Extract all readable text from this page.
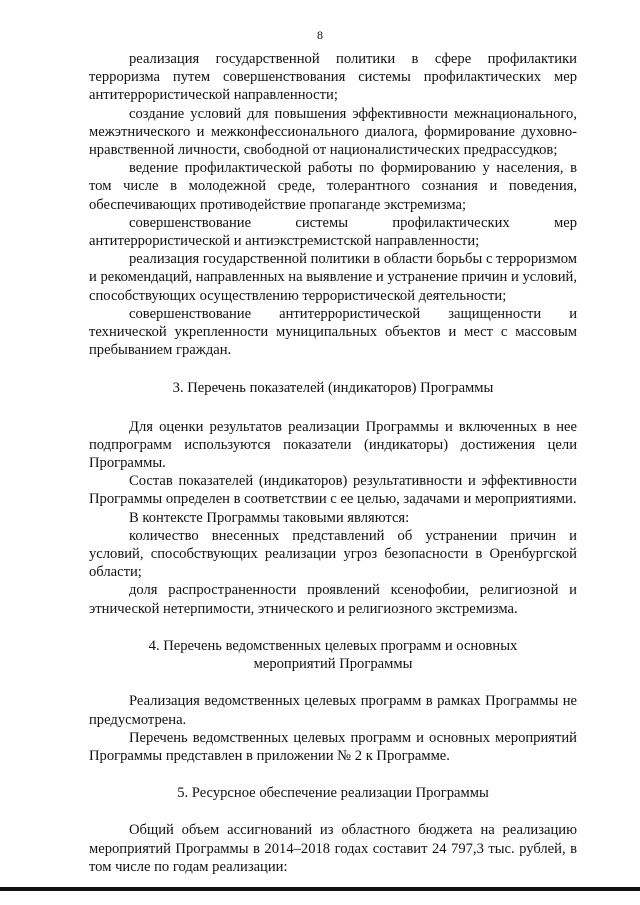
8

реализация государственной политики в сфере профилактики терроризма путем совершенствования системы профилактических мер антитеррористической направленности;

создание условий для повышения эффективности межнационального, межэтнического и межконфессионального диалога, формирование духовно-нравственной личности, свободной от националистических предрассудков;

ведение профилактической работы по формированию у населения, в том числе в молодежной среде, толерантного сознания и поведения, обеспечивающих противодействие пропаганде экстремизма;

совершенствование системы профилактических мер антитеррористической и антиэкстремистской направленности;

реализация государственной политики в области борьбы с терроризмом и рекомендаций, направленных на выявление и устранение причин и условий, способствующих осуществлению террористической деятельности;

совершенствование антитеррористической защищенности и технической укрепленности муниципальных объектов и мест с массовым пребыванием граждан.

3. Перечень показателей (индикаторов) Программы

Для оценки результатов реализации Программы и включенных в нее подпрограмм используются показатели (индикаторы) достижения цели Программы.

Состав показателей (индикаторов) результативности и эффективности Программы определен в соответствии с ее целью, задачами и мероприятиями.

В контексте Программы таковыми являются:

количество внесенных представлений об устранении причин и условий, способствующих реализации угроз безопасности в Оренбургской области;

доля распространенности проявлений ксенофобии, религиозной и этнической нетерпимости, этнического и религиозного экстремизма.

4. Перечень ведомственных целевых программ и основных
мероприятий Программы

Реализация ведомственных целевых программ в рамках Программы не предусмотрена.

Перечень ведомственных целевых программ и основных мероприятий Программы представлен в приложении № 2 к Программе.

5. Ресурсное обеспечение реализации Программы

Общий объем ассигнований из областного бюджета на реализацию мероприятий Программы в 2014–2018 годах составит 24 797,3 тыс. рублей, в том числе по годам реализации:
